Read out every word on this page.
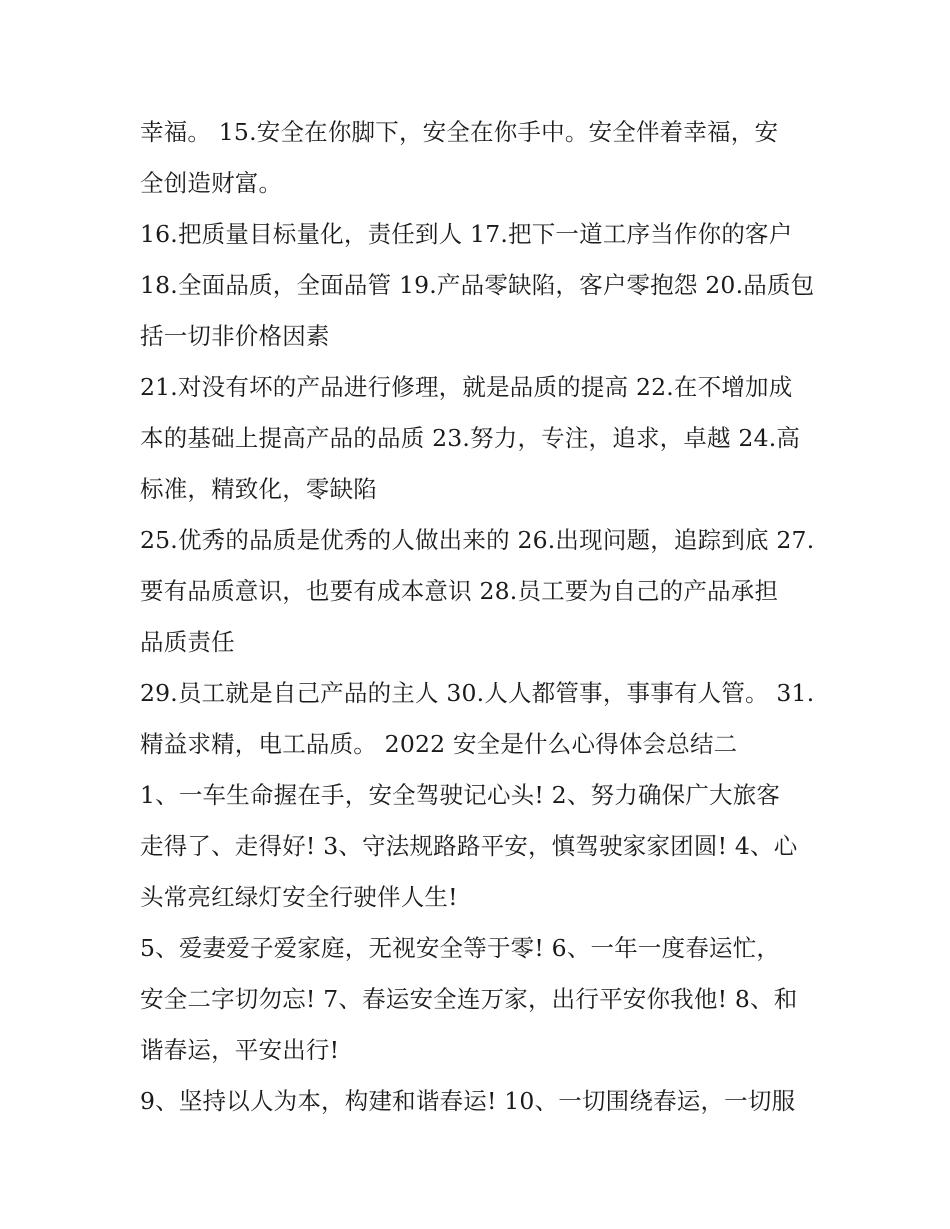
幸福。 15.安全在你脚下，安全在你手中。安全伴着幸福，安
全创造财富。
16.把质量目标量化，责任到人 17.把下一道工序当作你的客户
18.全面品质，全面品管 19.产品零缺陷，客户零抱怨 20.品质包
括一切非价格因素
21.对没有坏的产品进行修理，就是品质的提高 22.在不增加成
本的基础上提高产品的品质 23.努力，专注，追求，卓越 24.高
标准，精致化，零缺陷
25.优秀的品质是优秀的人做出来的 26.出现问题，追踪到底 27.
要有品质意识，也要有成本意识 28.员工要为自己的产品承担
品质责任
29.员工就是自己产品的主人 30.人人都管事，事事有人管。 31.
精益求精，电工品质。 2022 安全是什么心得体会总结二
1、一车生命握在手，安全驾驶记心头! 2、努力确保广大旅客
走得了、走得好! 3、守法规路路平安，慎驾驶家家团圆! 4、心
头常亮红绿灯安全行驶伴人生!
5、爱妻爱子爱家庭，无视安全等于零! 6、一年一度春运忙，
安全二字切勿忘! 7、春运安全连万家，出行平安你我他! 8、和
谐春运，平安出行!
9、坚持以人为本，构建和谐春运! 10、一切围绕春运，一切服
